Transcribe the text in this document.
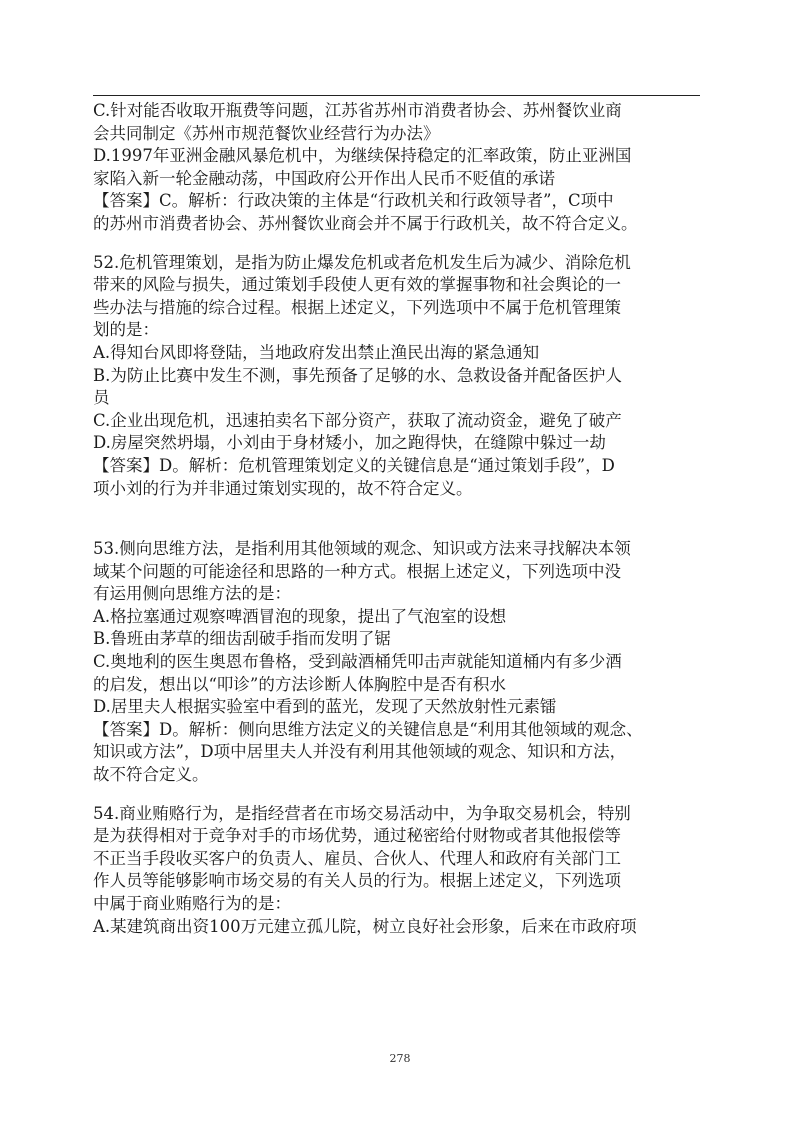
C.针对能否收取开瓶费等问题，江苏省苏州市消费者协会、苏州餐饮业商
会共同制定《苏州市规范餐饮业经营行为办法》
D.1997年亚洲金融风暴危机中，为继续保持稳定的汇率政策，防止亚洲国
家陷入新一轮金融动荡，中国政府公开作出人民币不贬值的承诺
【答案】C。解析：行政决策的主体是“行政机关和行政领导者”，C项中
的苏州市消费者协会、苏州餐饮业商会并不属于行政机关，故不符合定义。
52.危机管理策划，是指为防止爆发危机或者危机发生后为减少、消除危机
带来的风险与损失，通过策划手段使人更有效的掌握事物和社会舆论的一
些办法与措施的综合过程。根据上述定义，下列选项中不属于危机管理策
划的是：
A.得知台风即将登陆，当地政府发出禁止渔民出海的紧急通知
B.为防止比赛中发生不测，事先预备了足够的水、急救设备并配备医护人
员
C.企业出现危机，迅速拍卖名下部分资产，获取了流动资金，避免了破产
D.房屋突然坍塌，小刘由于身材矮小，加之跑得快，在缝隙中躲过一劫
【答案】D。解析：危机管理策划定义的关键信息是“通过策划手段”，D
项小刘的行为并非通过策划实现的，故不符合定义。
53.侧向思维方法，是指利用其他领域的观念、知识或方法来寻找解决本领
域某个问题的可能途径和思路的一种方式。根据上述定义，下列选项中没
有运用侧向思维方法的是：
A.格拉塞通过观察啤酒冒泡的现象，提出了气泡室的设想
B.鲁班由茅草的细齿刮破手指而发明了锯
C.奥地利的医生奥恩布鲁格，受到敲酒桶凭叩击声就能知道桶内有多少酒
的启发，想出以“叩诊”的方法诊断人体胸腔中是否有积水
D.居里夫人根据实验室中看到的蓝光，发现了天然放射性元素镭
【答案】D。解析：侧向思维方法定义的关键信息是“利用其他领域的观念、
知识或方法”，D项中居里夫人并没有利用其他领域的观念、知识和方法，
故不符合定义。
54.商业贿赂行为，是指经营者在市场交易活动中，为争取交易机会，特别
是为获得相对于竞争对手的市场优势，通过秘密给付财物或者其他报偿等
不正当手段收买客户的负责人、雇员、合伙人、代理人和政府有关部门工
作人员等能够影响市场交易的有关人员的行为。根据上述定义，下列选项
中属于商业贿赂行为的是：
A.某建筑商出资100万元建立孤儿院，树立良好社会形象，后来在市政府项
278
